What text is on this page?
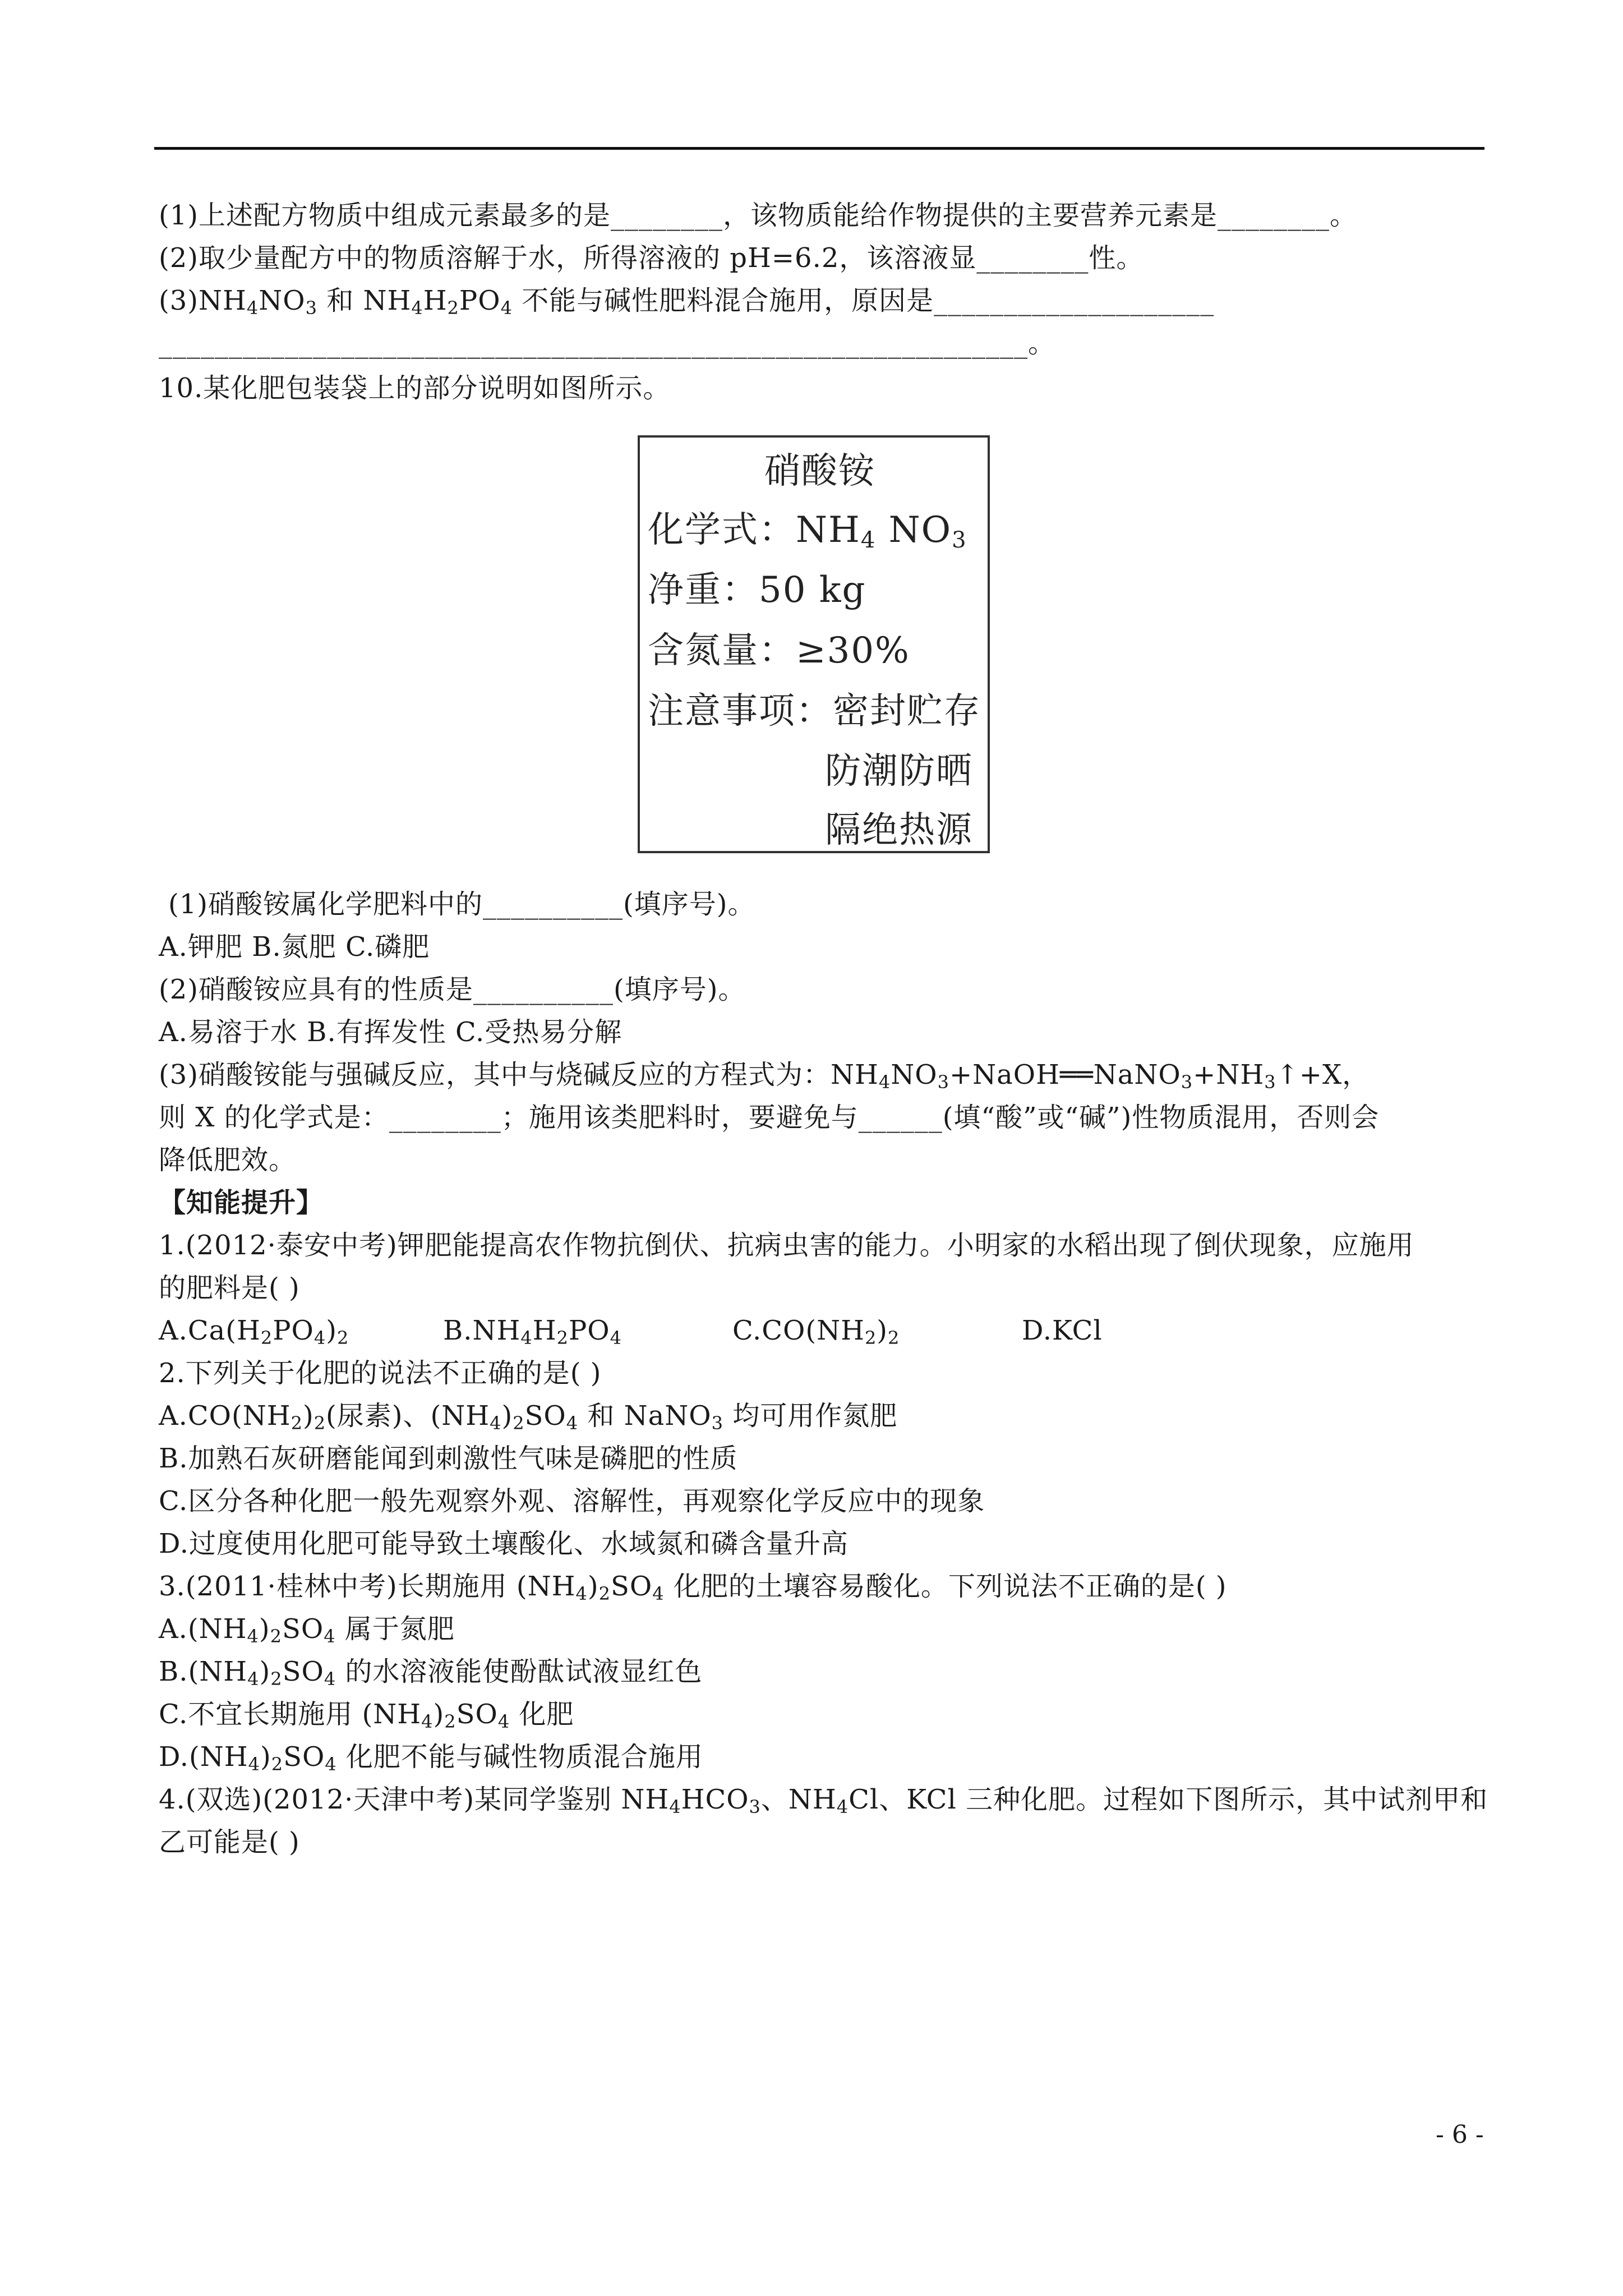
(1)上述配方物质中组成元素最多的是________，该物质能给作物提供的主要营养元素是________。
(2)取少量配方中的物质溶解于水，所得溶液的 pH=6.2，该溶液显________性。
$(3)NH_4NO_3$ 和 $NH_4H_2PO_4$ 不能与碱性肥料混合施用，原因是____________________
______________________________________________________________。
10.某化肥包装袋上的部分说明如图所示。
硝酸铵
化学式：$NH_4$ $NO_3$
净重：50 kg
含氮量：≥30%
注意事项：密封贮存
防潮防晒
隔绝热源
(1)硝酸铵属化学肥料中的__________(填序号)。
A.钾肥 B.氮肥 C.磷肥
(2)硝酸铵应具有的性质是__________(填序号)。
A.易溶于水 B.有挥发性 C.受热易分解
(3)硝酸铵能与强碱反应，其中与烧碱反应的方程式为：$NH_4NO_3+NaOH══NaNO_3+NH_3↑+X$，
则 X 的化学式是：________；施用该类肥料时，要避免与______(填“酸”或“碱”)性物质混用，否则会
降低肥效。
【知能提升】
1.(2012·泰安中考)钾肥能提高农作物抗倒伏、抗病虫害的能力。小明家的水稻出现了倒伏现象，应施用
的肥料是( )
$A.Ca(H_2PO_4)_2$	$B.NH_4H_2PO_4$	$C.CO(NH_2)_2$	D.KCl
2.下列关于化肥的说法不正确的是( )
$A.CO(NH_2)_2$(尿素)、$(NH_4)_2SO_4$ 和 NaNO$_3$ 均可用作氮肥
B.加熟石灰研磨能闻到刺激性气味是磷肥的性质
C.区分各种化肥一般先观察外观、溶解性，再观察化学反应中的现象
D.过度使用化肥可能导致土壤酸化、水域氮和磷含量升高
3.(2011·桂林中考)长期施用 $(NH_4)_2SO_4$ 化肥的土壤容易酸化。下列说法不正确的是( )
$A.(NH_4)_2SO_4$ 属于氮肥
$B.(NH_4)_2SO_4$ 的水溶液能使酚酞试液显红色
C.不宜长期施用 $(NH_4)_2SO_4$ 化肥
$D.(NH_4)_2SO_4$ 化肥不能与碱性物质混合施用
4.(双选)(2012·天津中考)某同学鉴别 $NH_4HCO_3$、$NH_4Cl$、KCl 三种化肥。过程如下图所示，其中试剂甲和
乙可能是( )
- 6 -
